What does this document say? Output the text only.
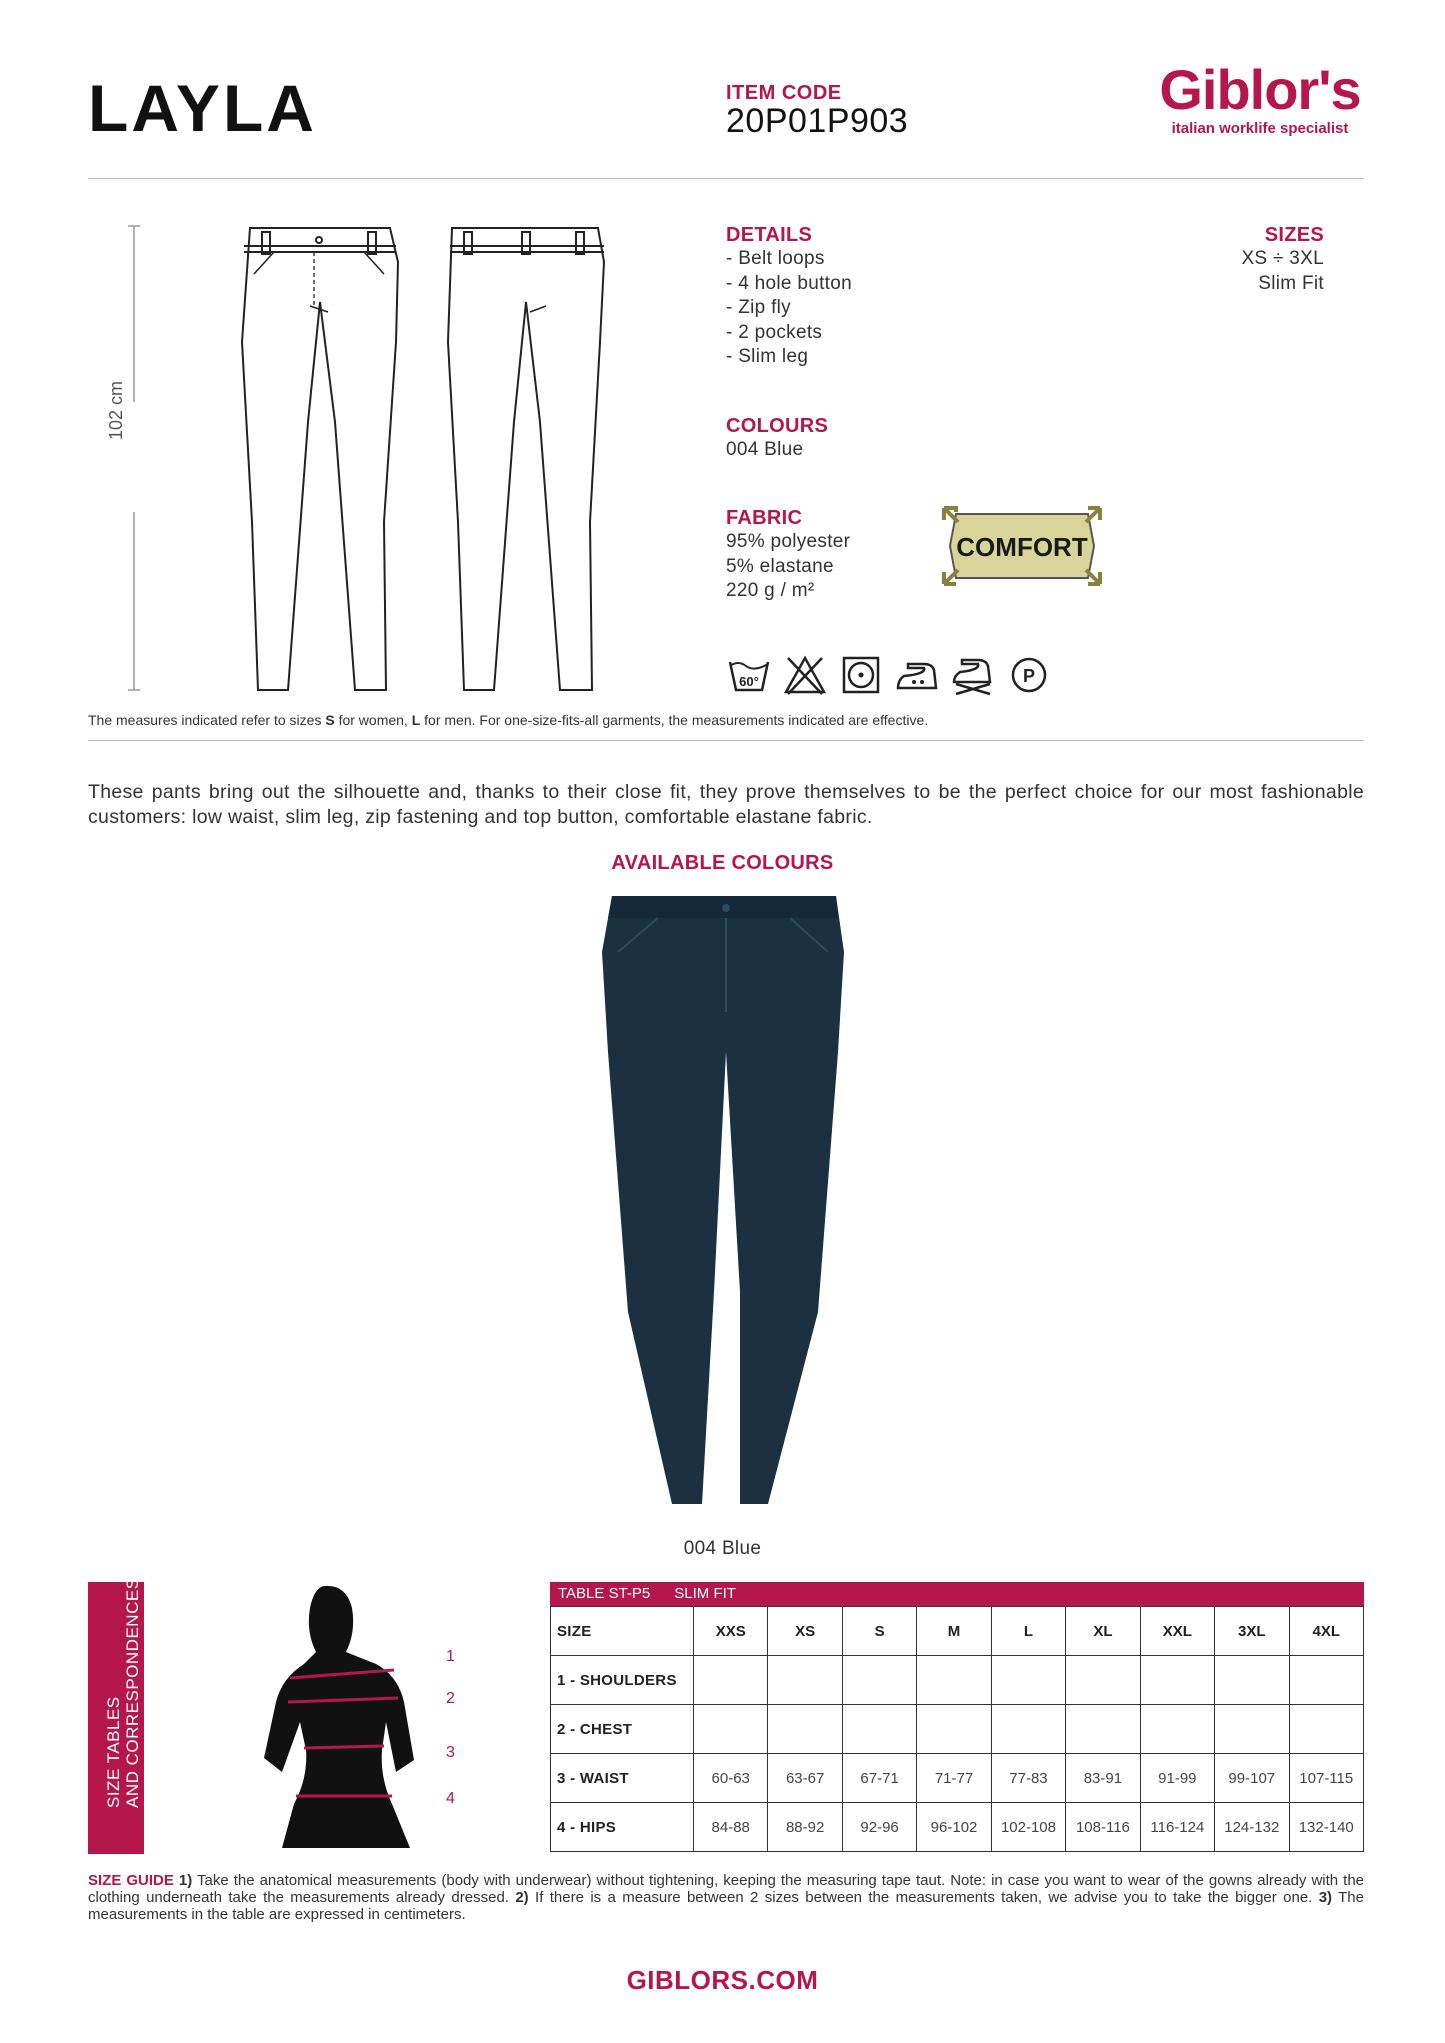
LAYLA	ITEM CODE
20P01P903	Giblor's
italian worklife specialist
102 cm
DETAILS
- Belt loops
- 4 hole button
- Zip fly
- 2 pockets
- Slim leg
SIZES
XS ÷ 3XL
Slim Fit
COLOURS
004 Blue
FABRIC
95% polyester
5% elastane
220 g / m²
COMFORT
60°	P
The measures indicated refer to sizes S for women, L for men. For one-size-fits-all garments, the measurements indicated are effective.
These pants bring out the silhouette and, thanks to their close fit, they prove themselves to be the perfect choice for our most fashionable customers: low waist, slim leg, zip fastening and top button, comfortable elastane fabric.
AVAILABLE COLOURS
004 Blue
SIZE TABLES AND CORRESPONDENCES	1
2
3
4
TABLE ST-P5 SLIM FIT
SIZE	XXS	XS	S	M	L	XL	XXL	3XL	4XL
1 - SHOULDERS									
2 - CHEST									
3 - WAIST	60-63	63-67	67-71	71-77	77-83	83-91	91-99	99-107	107-115
4 - HIPS	84-88	88-92	92-96	96-102	102-108	108-116	116-124	124-132	132-140
SIZE GUIDE 1) Take the anatomical measurements (body with underwear) without tightening, keeping the measuring tape taut. Note: in case you want to wear of the gowns already with the clothing underneath take the measurements already dressed. 2) If there is a measure between 2 sizes between the measurements taken, we advise you to take the bigger one. 3) The measurements in the table are expressed in centimeters.
GIBLORS.COM
